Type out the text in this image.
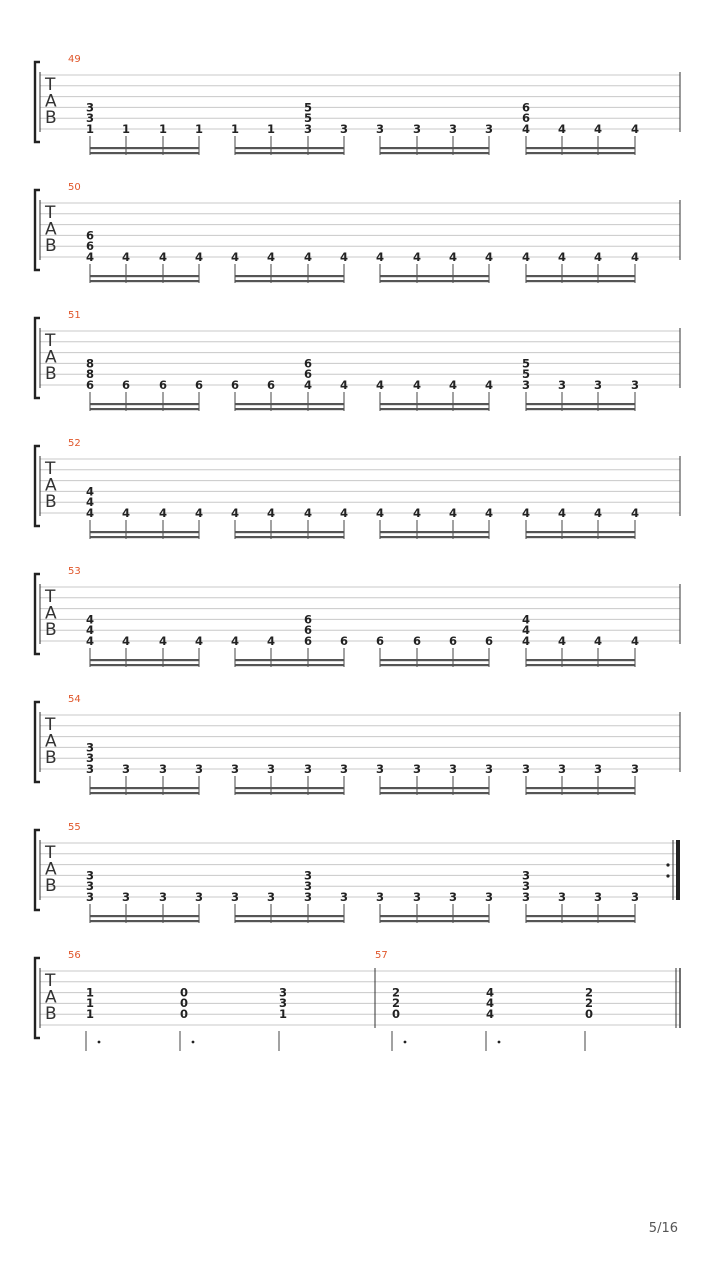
T
A
B
49
1
3
3
1	1 1 1 1	3
5
5
3 3	3 3 3	4
6
6
4 4	4
T
A
B
50
4
6
6
4	4 4 4 4	4 4 4	4 4 4	4 4 4	4
T
A
B
51
6
8
8
6	6 6 6 6	4
6
6
4 4	4 4 4	3
5
5
3 3	3
T
A
B
52
4
4
4
4	4 4 4 4	4 4 4	4 4 4	4 4 4	4
T
A
B
53
4
4
4
4	4 4 4 4	6
6
6
6 6	6 6 6	4
4
4
4 4	4
T
A
B
54
3
3
3
3	3 3 3 3	3 3 3	3 3 3	3 3 3	3
T
A
B
55
3
3
3
3	3 3 3 3	3
3
3
3 3	3 3 3	3
3
3
3 3	3
T
A
B
56
1
1
1
0
0
0
1
3
3
57
0
2
2
4
4
4
0
2
2
5/16
